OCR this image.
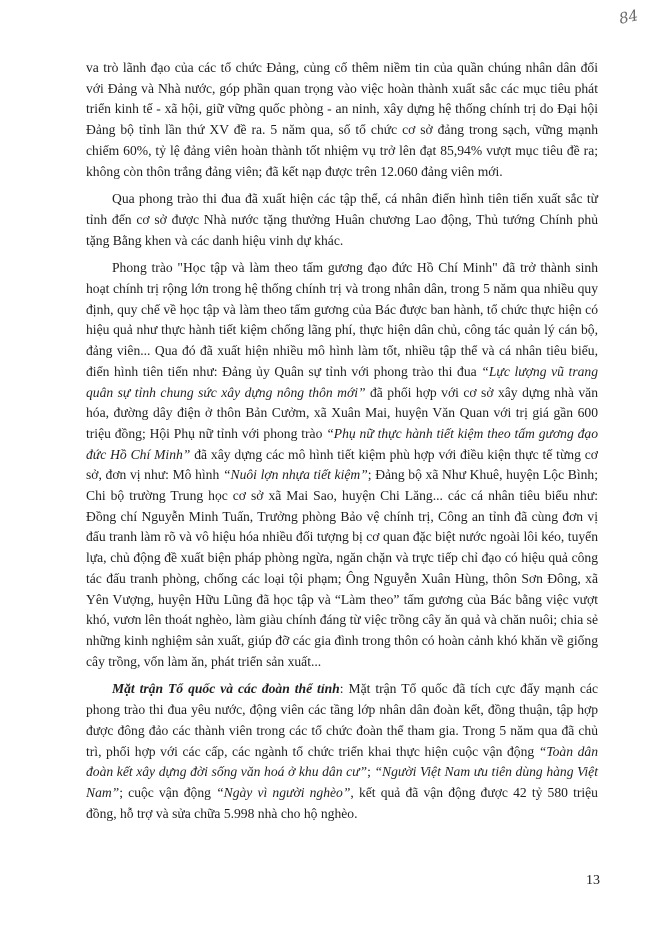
84

va trò lãnh đạo của các tổ chức Đảng, củng cố thêm niềm tin của quần chúng nhân dân đối với Đảng và Nhà nước, góp phần quan trọng vào việc hoàn thành xuất sắc các mục tiêu phát triển kinh tế - xã hội, giữ vững quốc phòng - an ninh, xây dựng hệ thống chính trị do Đại hội Đảng bộ tỉnh lần thứ XV đề ra. 5 năm qua, số tổ chức cơ sở đảng trong sạch, vững mạnh chiếm 60%, tỷ lệ đảng viên hoàn thành tốt nhiệm vụ trở lên đạt 85,94% vượt mục tiêu đề ra; không còn thôn trắng đảng viên; đã kết nạp được trên 12.060 đảng viên mới.

Qua phong trào thi đua đã xuất hiện các tập thể, cá nhân điển hình tiên tiến xuất sắc từ tỉnh đến cơ sở được Nhà nước tặng thưởng Huân chương Lao động, Thủ tướng Chính phủ tặng Bằng khen và các danh hiệu vinh dự khác.

Phong trào "Học tập và làm theo tấm gương đạo đức Hồ Chí Minh" đã trở thành sinh hoạt chính trị rộng lớn trong hệ thống chính trị và trong nhân dân, trong 5 năm qua nhiều quy định, quy chế về học tập và làm theo tấm gương của Bác được ban hành, tổ chức thực hiện có hiệu quả như thực hành tiết kiệm chống lãng phí, thực hiện dân chủ, công tác quản lý cán bộ, đảng viên... Qua đó đã xuất hiện nhiều mô hình làm tốt, nhiều tập thể và cá nhân tiêu biểu, điển hình tiên tiến như: Đảng ủy Quân sự tỉnh với phong trào thi đua “Lực lượng vũ trang quân sự tỉnh chung sức xây dựng nông thôn mới” đã phối hợp với cơ sở xây dựng nhà văn hóa, đường dây điện ở thôn Bản Cưởm, xã Xuân Mai, huyện Văn Quan với trị giá gần 600 triệu đồng; Hội Phụ nữ tỉnh với phong trào “Phụ nữ thực hành tiết kiệm theo tấm gương đạo đức Hồ Chí Minh” đã xây dựng các mô hình tiết kiệm phù hợp với điều kiện thực tế từng cơ sở, đơn vị như: Mô hình “Nuôi lợn nhựa tiết kiệm”; Đảng bộ xã Như Khuê, huyện Lộc Bình; Chi bộ trường Trung học cơ sở xã Mai Sao, huyện Chi Lăng... các cá nhân tiêu biểu như: Đồng chí Nguyễn Minh Tuấn, Trưởng phòng Bảo vệ chính trị, Công an tỉnh đã cùng đơn vị đấu tranh làm rõ và vô hiệu hóa nhiều đối tượng bị cơ quan đặc biệt nước ngoài lôi kéo, tuyển lựa, chủ động đề xuất biện pháp phòng ngừa, ngăn chặn và trực tiếp chỉ đạo có hiệu quả công tác đấu tranh phòng, chống các loại tội phạm; Ông Nguyễn Xuân Hùng, thôn Sơn Đông, xã Yên Vượng, huyện Hữu Lũng đã học tập và “Làm theo” tấm gương của Bác bằng việc vượt khó, vươn lên thoát nghèo, làm giàu chính đáng từ việc trồng cây ăn quả và chăn nuôi; chia sẻ những kinh nghiệm sản xuất, giúp đỡ các gia đình trong thôn có hoàn cảnh khó khăn về giống cây trồng, vốn làm ăn, phát triển sản xuất...

Mặt trận Tổ quốc và các đoàn thể tỉnh: Mặt trận Tổ quốc đã tích cực đẩy mạnh các phong trào thi đua yêu nước, động viên các tầng lớp nhân dân đoàn kết, đồng thuận, tập hợp được đông đảo các thành viên trong các tổ chức đoàn thể tham gia. Trong 5 năm qua đã chủ trì, phối hợp với các cấp, các ngành tổ chức triển khai thực hiện cuộc vận động “Toàn dân đoàn kết xây dựng đời sống văn hoá ở khu dân cư”; “Người Việt Nam ưu tiên dùng hàng Việt Nam”; cuộc vận động “Ngày vì người nghèo”, kết quả đã vận động được 42 tỷ 580 triệu đồng, hỗ trợ và sửa chữa 5.998 nhà cho hộ nghèo.

13
